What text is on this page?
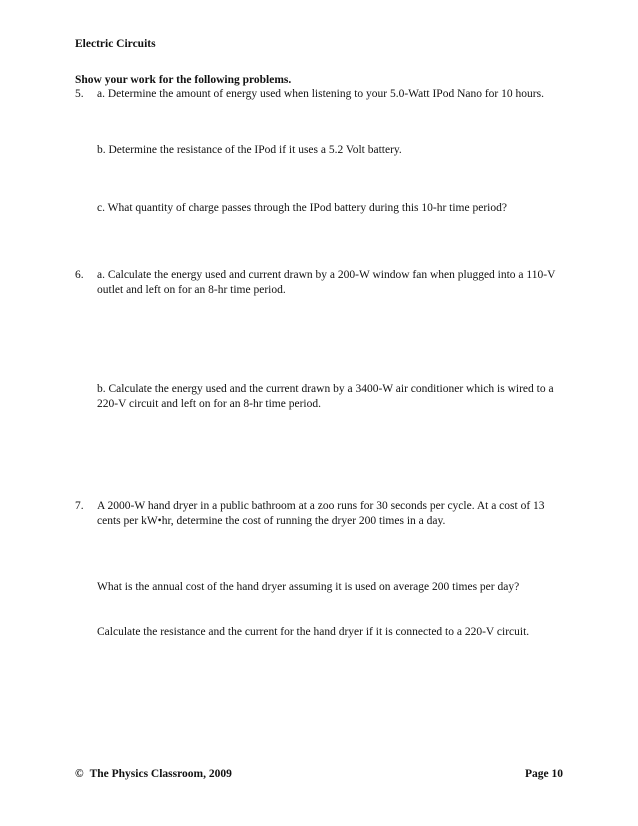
Electric Circuits
Show your work for the following problems.
5. a. Determine the amount of energy used when listening to your 5.0-Watt IPod Nano for 10 hours.
b. Determine the resistance of the IPod if it uses a 5.2 Volt battery.
c. What quantity of charge passes through the IPod battery during this 10-hr time period?
6. a. Calculate the energy used and current drawn by a 200-W window fan when plugged into a 110-V outlet and left on for an 8-hr time period.
b. Calculate the energy used and the current drawn by a 3400-W air conditioner which is wired to a 220-V circuit and left on for an 8-hr time period.
7. A 2000-W hand dryer in a public bathroom at a zoo runs for 30 seconds per cycle. At a cost of 13 cents per kW•hr, determine the cost of running the dryer 200 times in a day.
What is the annual cost of the hand dryer assuming it is used on average 200 times per day?
Calculate the resistance and the current for the hand dryer if it is connected to a 220-V circuit.
© The Physics Classroom, 2009	Page 10
